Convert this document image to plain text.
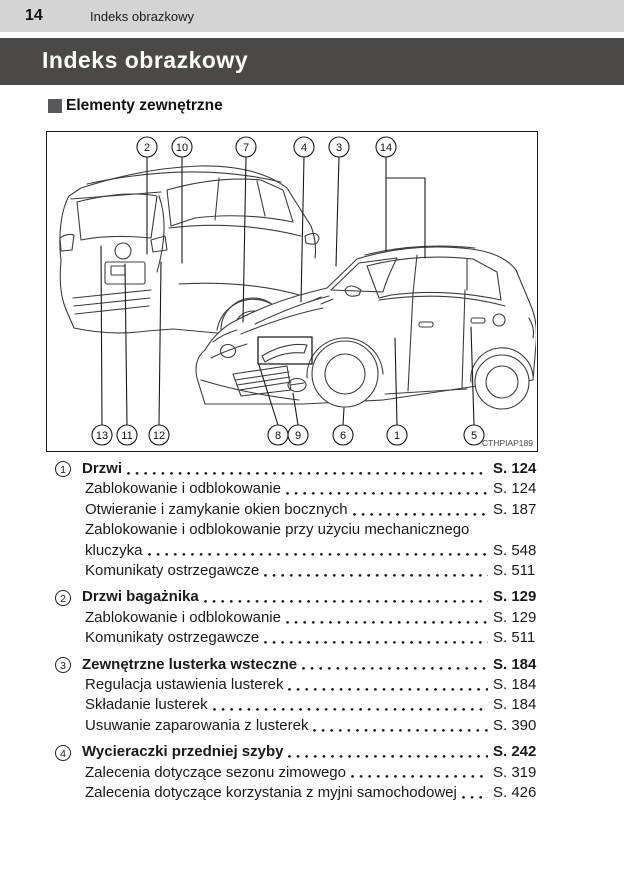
14	Indeks obrazkowy
Indeks obrazkowy
Elementy zewnętrzne
2 10	7	4	3	14
13 11 12	8 9	6	1	5
CTHPIAP189
1	Drzwi	S. 124
Zablokowanie i odblokowanie	S. 124
Otwieranie i zamykanie okien bocznych	S. 187
Zablokowanie i odblokowanie przy użyciu mechanicznego
kluczyka	S. 548
Komunikaty ostrzegawcze	S. 511
2	Drzwi bagażnika	S. 129
Zablokowanie i odblokowanie	S. 129
Komunikaty ostrzegawcze	S. 511
3	Zewnętrzne lusterka wsteczne	S. 184
Regulacja ustawienia lusterek	S. 184
Składanie lusterek	S. 184
Usuwanie zaparowania z lusterek	S. 390
4	Wycieraczki przedniej szyby	S. 242
Zalecenia dotyczące sezonu zimowego	S. 319
Zalecenia dotyczące korzystania z myjni samochodowej S. 426
